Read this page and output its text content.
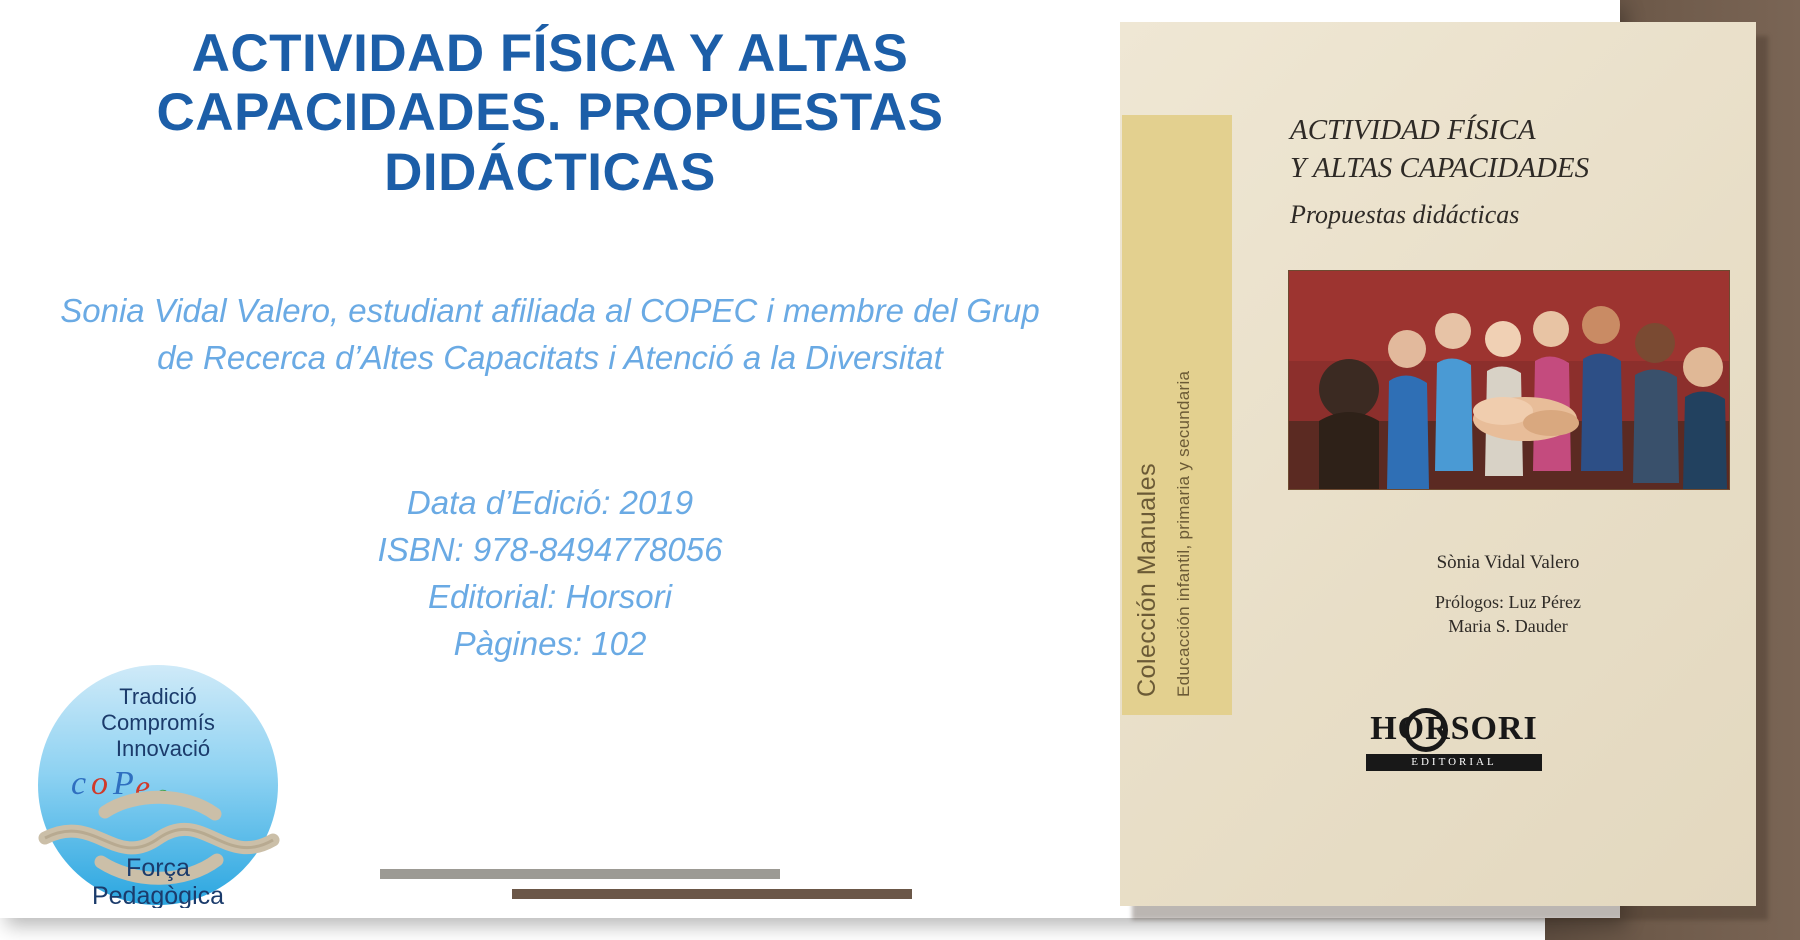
ACTIVIDAD FÍSICA Y ALTAS CAPACIDADES. PROPUESTAS DIDÁCTICAS
Sonia Vidal Valero, estudiant afiliada al COPEC i membre del Grup de Recerca d’Altes Capacitats i Atenció a la Diversitat
Data d’Edició: 2019
ISBN: 978-8494778056
Editorial: Horsori
Pàgines: 102
Tradició
Compromís
Innovació
c o P e c
Força
Pedagògica
Colección Manuales Educacción infantil, primaria y secundaria
ACTIVIDAD FÍSICA
Y ALTAS CAPACIDADES
Propuestas didácticas
Sònia Vidal Valero
Prólogos: Luz Pérez
Maria S. Dauder
HORSORI
EDITORIAL
